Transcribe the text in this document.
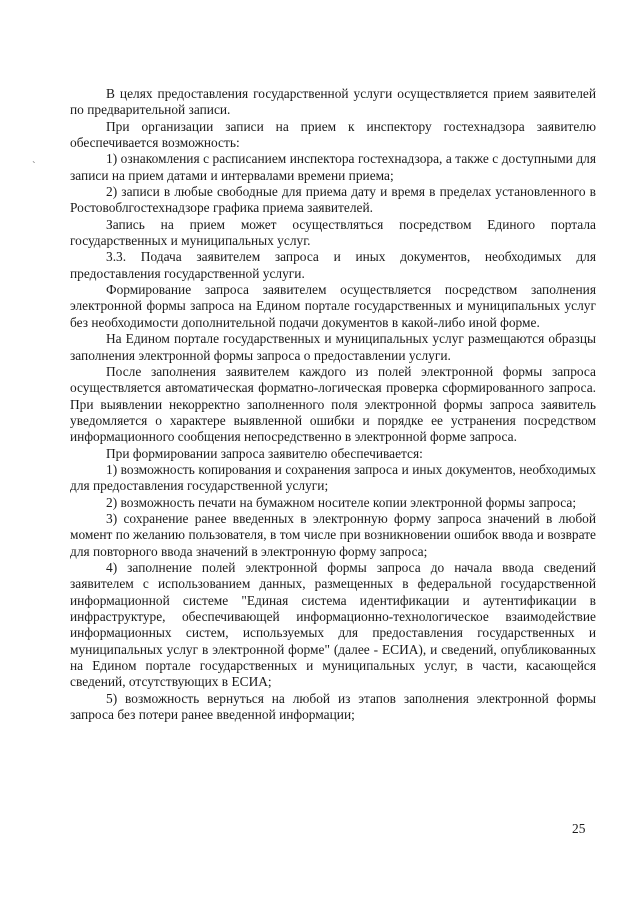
ˋ

В целях предоставления государственной услуги осуществляется прием заявителей по предварительной записи.

При организации записи на прием к инспектору гостехнадзора заявителю обеспечивается возможность:

1) ознакомления с расписанием инспектора гостехнадзора, а также с доступными для записи на прием датами и интервалами времени приема;

2) записи в любые свободные для приема дату и время в пределах установленного в Ростовоблгостехнадзоре графика приема заявителей.

Запись на прием может осуществляться посредством Единого портала государственных и муниципальных услуг.

3.3. Подача заявителем запроса и иных документов, необходимых для предоставления государственной услуги.

Формирование запроса заявителем осуществляется посредством заполнения электронной формы запроса на Едином портале государственных и муниципальных услуг без необходимости дополнительной подачи документов в какой-либо иной форме.

На Едином портале государственных и муниципальных услуг размещаются образцы заполнения электронной формы запроса о предоставлении услуги.

После заполнения заявителем каждого из полей электронной формы запроса осуществляется автоматическая форматно-логическая проверка сформированного запроса. При выявлении некорректно заполненного поля электронной формы запроса заявитель уведомляется о характере выявленной ошибки и порядке ее устранения посредством информационного сообщения непосредственно в электронной форме запроса.

При формировании запроса заявителю обеспечивается:

1) возможность копирования и сохранения запроса и иных документов, необходимых для предоставления государственной услуги;

2) возможность печати на бумажном носителе копии электронной формы запроса;

3) сохранение ранее введенных в электронную форму запроса значений в любой момент по желанию пользователя, в том числе при возникновении ошибок ввода и возврате для повторного ввода значений в электронную форму запроса;

4) заполнение полей электронной формы запроса до начала ввода сведений заявителем с использованием данных, размещенных в федеральной государственной информационной системе "Единая система идентификации и аутентификации в инфраструктуре, обеспечивающей информационно-технологическое взаимодействие информационных систем, используемых для предоставления государственных и муниципальных услуг в электронной форме" (далее - ЕСИА), и сведений, опубликованных на Едином портале государственных и муниципальных услуг, в части, касающейся сведений, отсутствующих в ЕСИА;

5) возможность вернуться на любой из этапов заполнения электронной формы запроса без потери ранее введенной информации;

25
